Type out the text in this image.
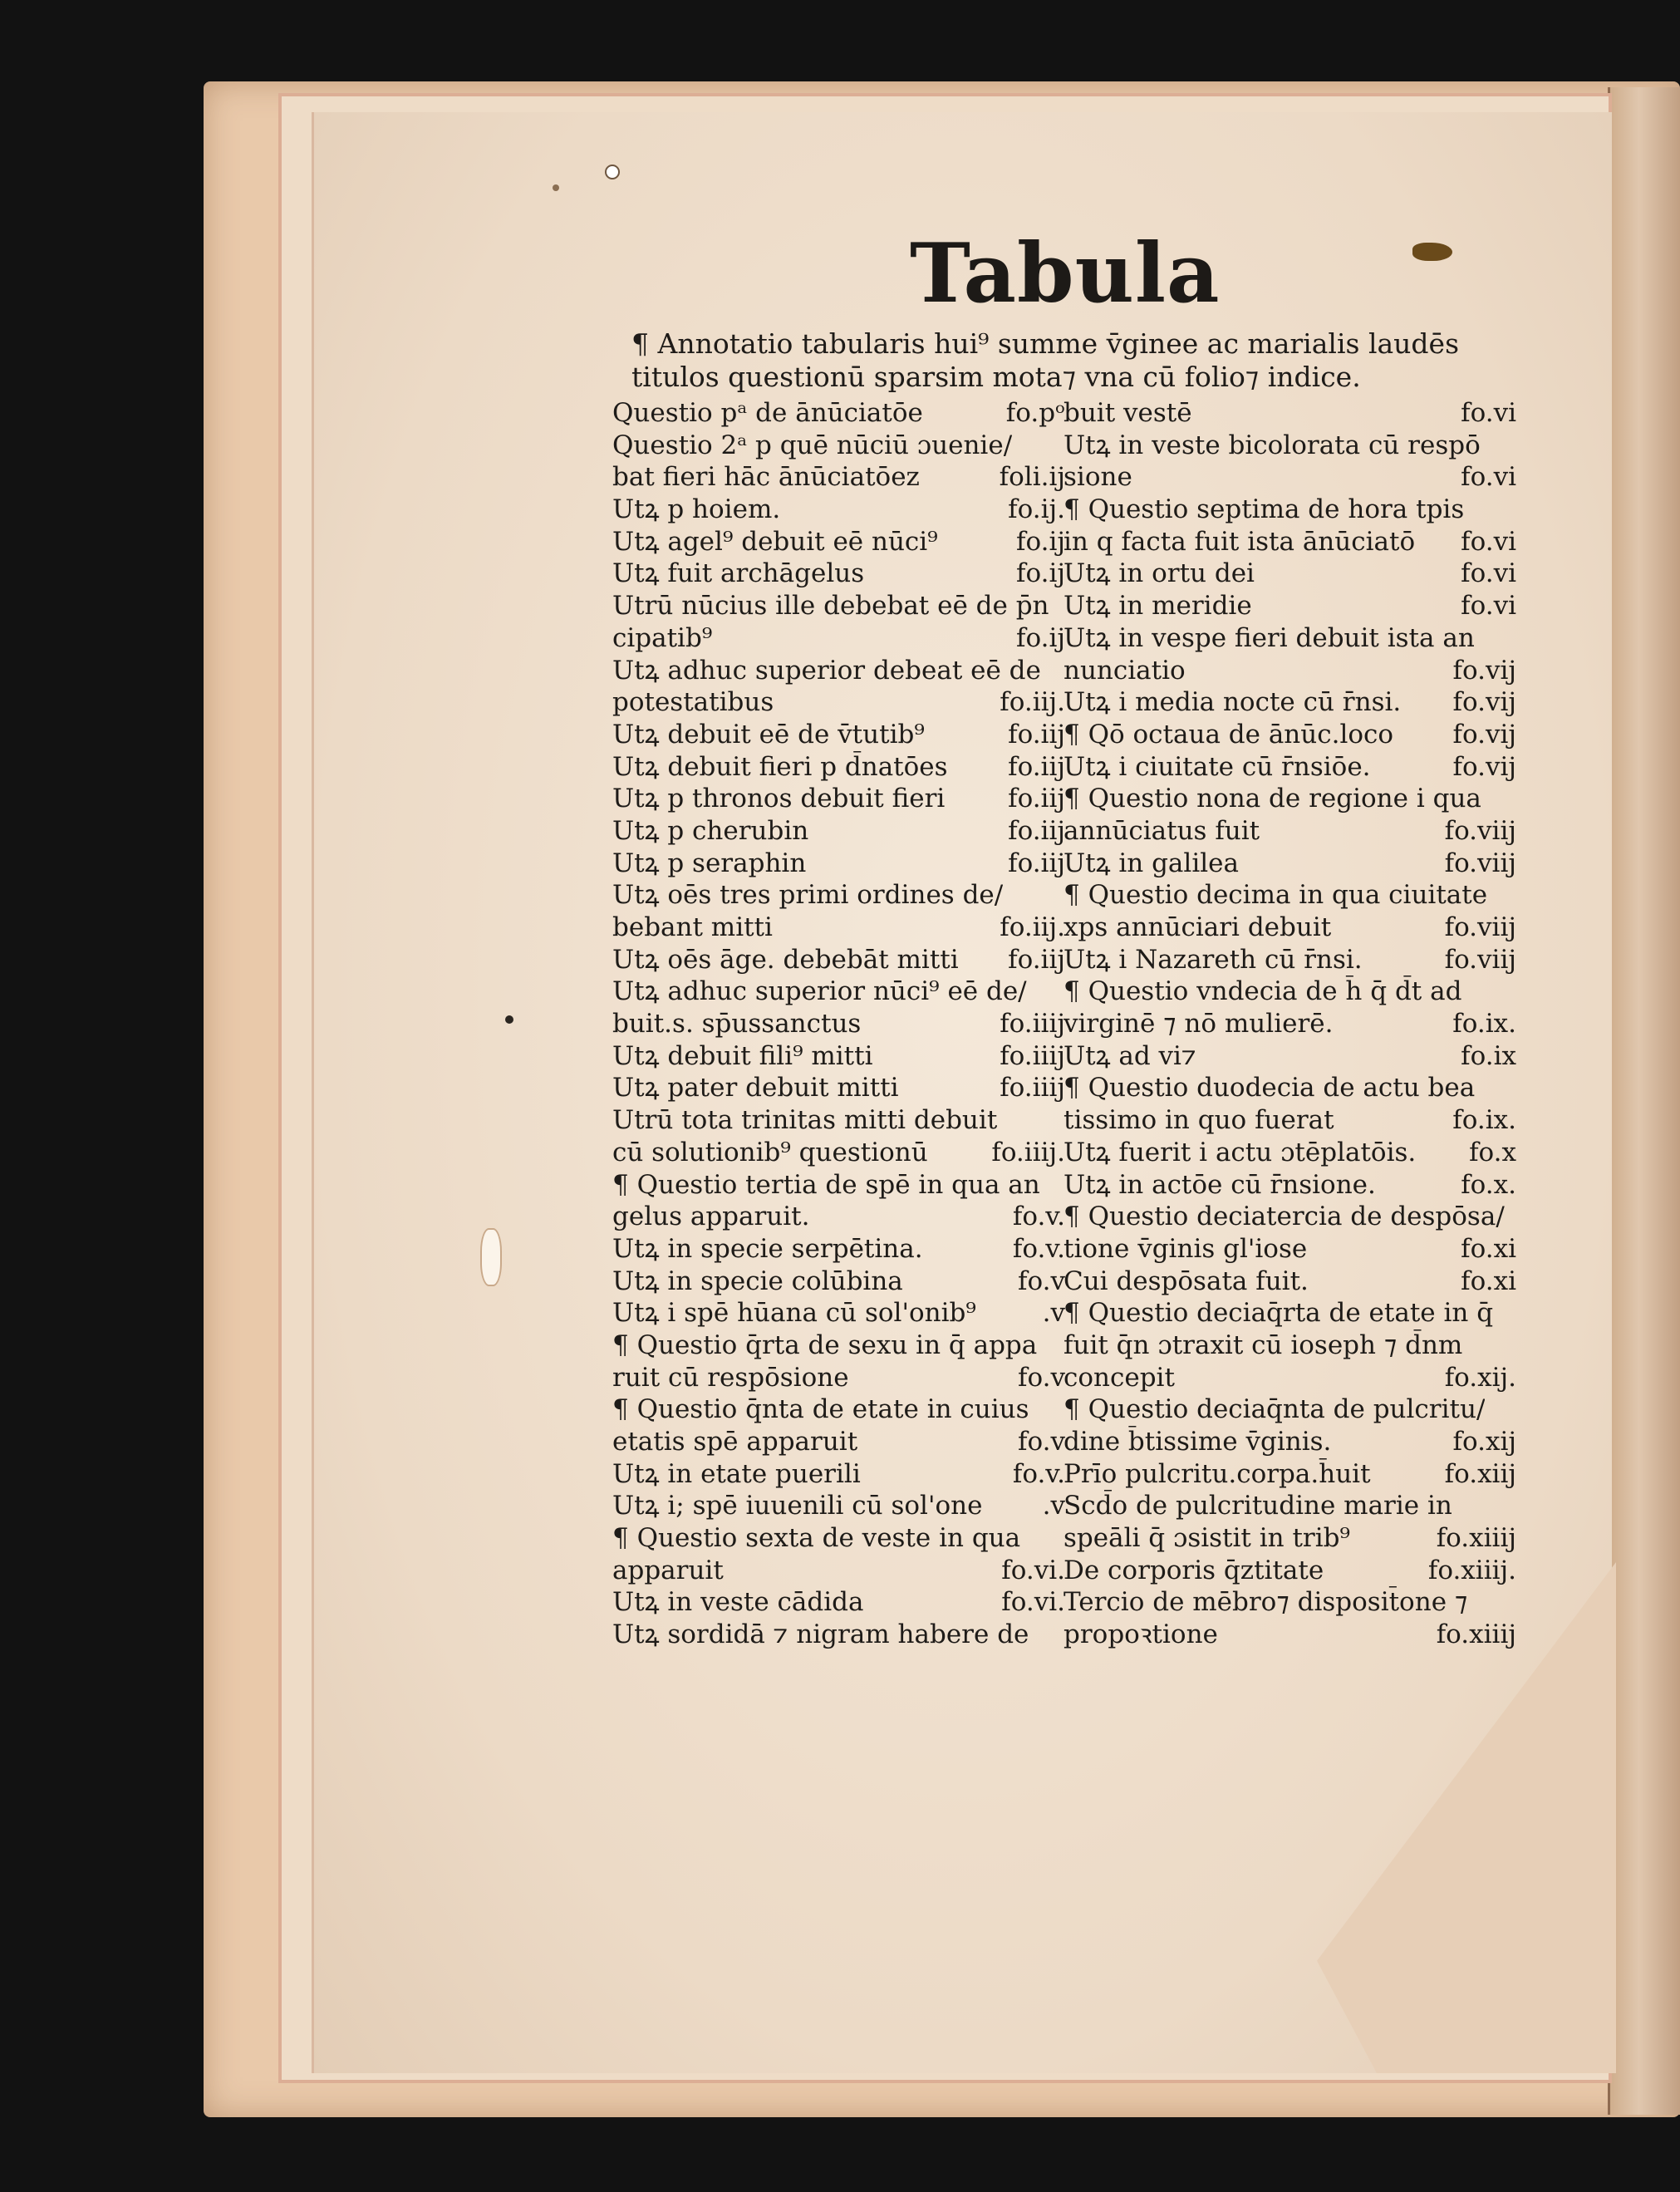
Tabula
¶ Annotatio tabularis hui⁹ summe v̄ginee ac marialis laudēs
titulos questionū sparsim mota⁊ vna cū folio⁊ indice.
Questio pᵃ de ānūciatōe	fo.pᵒ
Questio 2ᵃ p quē nūciū ɔuenie/
bat fieri hāc ānūciatōez	foli.ij
Utꝝ p hoiem.	fo.ij.
Utꝝ agel⁹ debuit eē nūci⁹	fo.ij
Utꝝ fuit archāgelus	fo.ij
Utrū nūcius ille debebat eē de p̄n
cipatib⁹	fo.ij
Utꝝ adhuc superior debeat eē de
potestatibus	fo.iij.
Utꝝ debuit eē de v̄tutib⁹	fo.iij
Utꝝ debuit fieri p d̄natōes fo.iij
Utꝝ p thronos debuit fieri fo.iij
Utꝝ p cherubin	fo.iij
Utꝝ p seraphin	fo.iij
Utꝝ oēs tres primi ordines de/
bebant mitti	fo.iij.
Utꝝ oēs āge. debebāt mitti fo.iij
Utꝝ adhuc superior nūci⁹ eē de/
buit.s. sp̄ussanctus	fo.iiij
Utꝝ debuit fili⁹ mitti	fo.iiij
Utꝝ pater debuit mitti	fo.iiij
Utrū tota trinitas mitti debuit
cū solutionib⁹ questionū fo.iiij.
¶ Questio tertia de spē in qua an
gelus apparuit.	fo.v.
Utꝝ in specie serpētina.	fo.v.
Utꝝ in specie colūbina	fo.v
Utꝝ i spē hūana cū sol'onib⁹	.v
¶ Questio q̄rta de sexu in q̄ appa
ruit cū respōsione	fo.v
¶ Questio q̄nta de etate in cuius
etatis spē apparuit	fo.v
Utꝝ in etate puerili	fo.v.
Utꝝ i; spē iuuenili cū sol'one .v
¶ Questio sexta de veste in qua
apparuit	fo.vi.
Utꝝ in veste cādida	fo.vi.
Utꝝ sordidā ⁊ nigram habere de
buit vestē	fo.vi
Utꝝ in veste bicolorata cū respō
sione	fo.vi
¶ Questio septima de hora tpis
in q facta fuit ista ānūciatō fo.vi
Utꝝ in ortu dei	fo.vi
Utꝝ in meridie	fo.vi
Utꝝ in vespe fieri debuit ista an
nunciatio	fo.vij
Utꝝ i media nocte cū r̄nsi. fo.vij
¶ Qō octaua de ānūc.loco fo.vij
Utꝝ i ciuitate cū r̄nsiōe.	fo.vij
¶ Questio nona de regione i qua
annūciatus fuit	fo.viij
Utꝝ in galilea	fo.viij
¶ Questio decima in qua ciuitate
xps annūciari debuit	fo.viij
Utꝝ i Nazareth cū r̄nsi.	fo.viij
¶ Questio vndecia de h̄ q̄ d̄t ad
virginē ⁊ nō mulierē.	fo.ix.
Utꝝ ad vi⁊	fo.ix
¶ Questio duodecia de actu bea
tissimo in quo fuerat	fo.ix.
Utꝝ fuerit i actu ɔtēplatōis. fo.x
Utꝝ in actōe cū r̄nsione.	fo.x.
¶ Questio deciatercia de despōsa/
tione v̄ginis gl'iose	fo.xi
Cui despōsata fuit.	fo.xi
¶ Questio deciaq̄rta de etate in q̄
fuit q̄n ɔtraxit cū ioseph ⁊ d̄nm
concepit	fo.xij.
¶ Questio deciaq̄nta de pulcritu/
dine b̄tissime v̄ginis.	fo.xij
Prīo pulcritu.corpa.h̄uit	fo.xiij
Scd̄o de pulcritudine marie in
speāli q̄ ɔsistit in trib⁹	fo.xiiij
De corporis q̄ztitate	fo.xiiij.
Tercio de mēbro⁊ disposit̄one ⁊
propoꝛtione	fo.xiiij
